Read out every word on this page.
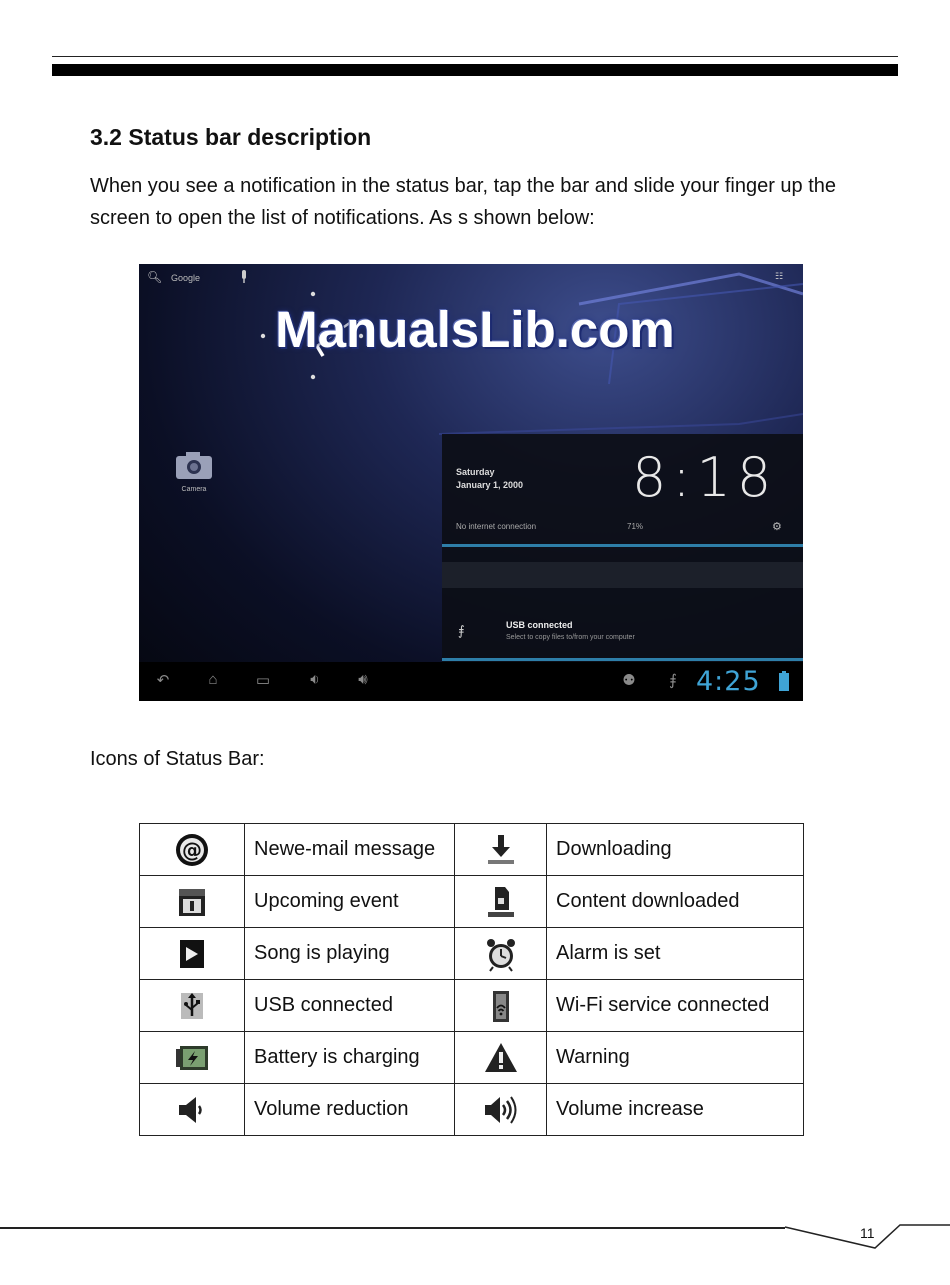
3.2 Status bar description

When you see a notification in the status bar, tap the bar and slide your finger up the screen to open the list of notifications. As s shown below:

🔍︎ Google	☷
Camera
Saturday
January 1, 2000	8:18
No internet connection	71%	⚙
⨎	USB connected
Select to copy files to/from your computer
↶	⌂	▭	🔉︎	🔊︎	⚉	⨎ 4:25
ManualsLib.com

Icons of Status Bar:

@	Newe-mail message		Downloading
	Upcoming event		Content downloaded
	Song is playing		Alarm is set
	USB connected		Wi-Fi service connected
	Battery is charging		Warning
	Volume reduction		Volume increase
11
